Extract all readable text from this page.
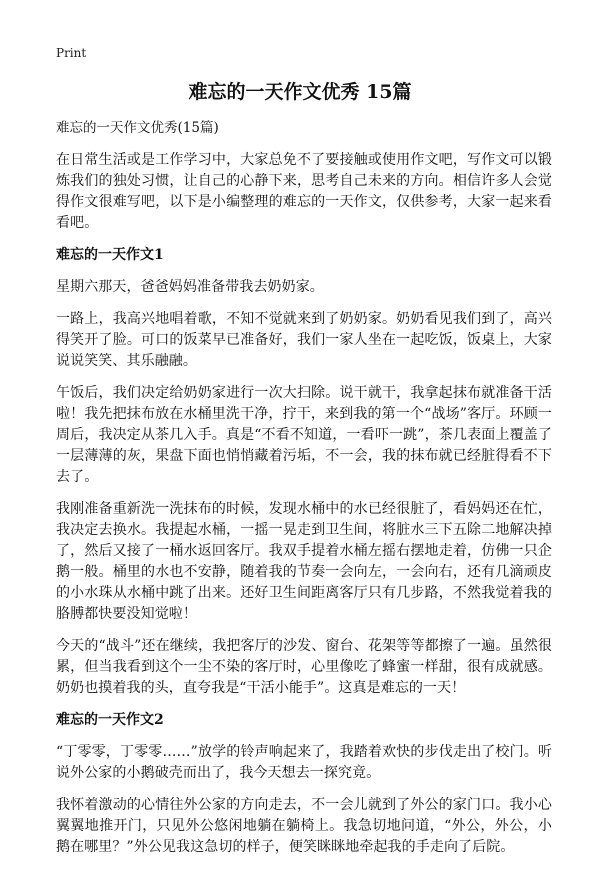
Print
难忘的一天作文优秀 15篇

难忘的一天作文优秀(15篇)

在日常生活或是工作学习中，大家总免不了要接触或使用作文吧，写作文可以锻炼我们的独处习惯，让自己的心静下来，思考自己未来的方向。相信许多人会觉得作文很难写吧，以下是小编整理的难忘的一天作文，仅供参考，大家一起来看看吧。

难忘的一天作文1

星期六那天，爸爸妈妈准备带我去奶奶家。

一路上，我高兴地唱着歌，不知不觉就来到了奶奶家。奶奶看见我们到了，高兴得笑开了脸。可口的饭菜早已准备好，我们一家人坐在一起吃饭，饭桌上，大家说说笑笑、其乐融融。

午饭后，我们决定给奶奶家进行一次大扫除。说干就干，我拿起抹布就准备干活啦！我先把抹布放在水桶里洗干净，拧干，来到我的第一个“战场”客厅。环顾一周后，我决定从茶几入手。真是“不看不知道，一看吓一跳”，茶几表面上覆盖了一层薄薄的灰，果盘下面也悄悄藏着污垢，不一会，我的抹布就已经脏得看不下去了。

我刚准备重新洗一洗抹布的时候，发现水桶中的水已经很脏了，看妈妈还在忙，我决定去换水。我提起水桶，一摇一晃走到卫生间，将脏水三下五除二地解决掉了，然后又接了一桶水返回客厅。我双手提着水桶左摇右摆地走着，仿佛一只企鹅一般。桶里的水也不安静，随着我的节奏一会向左，一会向右，还有几滴顽皮的小水珠从水桶中跳了出来。还好卫生间距离客厅只有几步路，不然我觉着我的胳膊都快要没知觉啦！

今天的“战斗”还在继续，我把客厅的沙发、窗台、花架等等都擦了一遍。虽然很累，但当我看到这个一尘不染的客厅时，心里像吃了蜂蜜一样甜，很有成就感。奶奶也摸着我的头，直夸我是“干活小能手”。这真是难忘的一天！

难忘的一天作文2

“丁零零，丁零零……”放学的铃声响起来了，我踏着欢快的步伐走出了校门。听说外公家的小鹅破壳而出了，我今天想去一探究竟。

我怀着激动的心情往外公家的方向走去，不一会儿就到了外公的家门口。我小心翼翼地推开门，只见外公悠闲地躺在躺椅上。我急切地问道，“外公，外公，小鹅在哪里？”外公见我这急切的样子，便笑眯眯地牵起我的手走向了后院。
